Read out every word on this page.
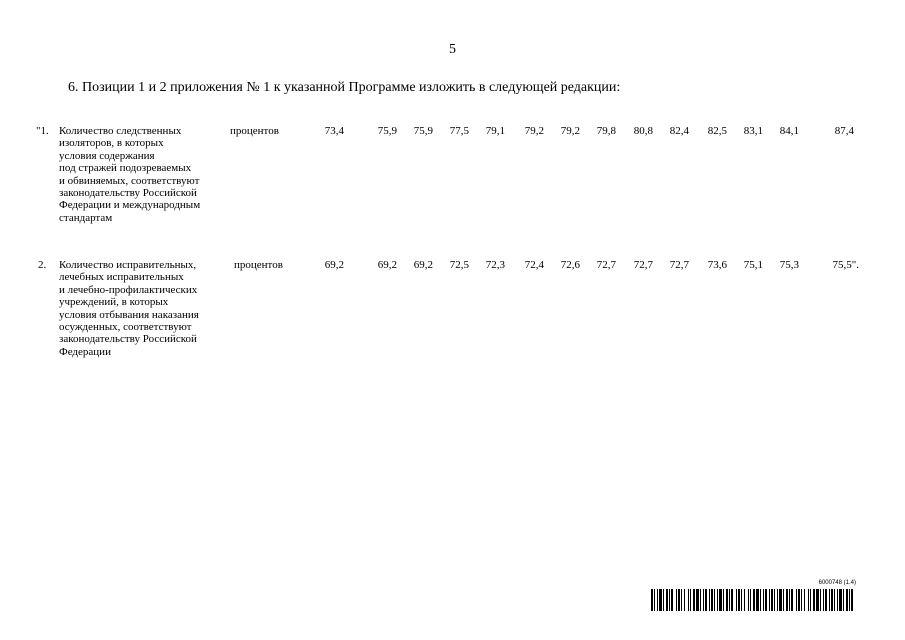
5
6. Позиции 1 и 2 приложения № 1 к указанной Программе изложить в следующей редакции:
"1. Количество следственных
изоляторов, в которых
условия содержания
под стражей подозреваемых
и обвиняемых, соответствуют
законодательству Российской
Федерации и международным
стандартам
процентов	73,4	75,9 75,9 77,5 79,1 79,2 79,2 79,8 80,8 82,4 82,5 83,1 84,1	87,4
2. Количество исправительных,
лечебных исправительных
и лечебно-профилактических
учреждений, в которых
условия отбывания наказания
осужденных, соответствуют
законодательству Российской
Федерации
процентов	69,2	69,2 69,2 72,5 72,3 72,4 72,6 72,7 72,7 72,7 73,6 75,1 75,3	75,5".
6000748 (1.4)
